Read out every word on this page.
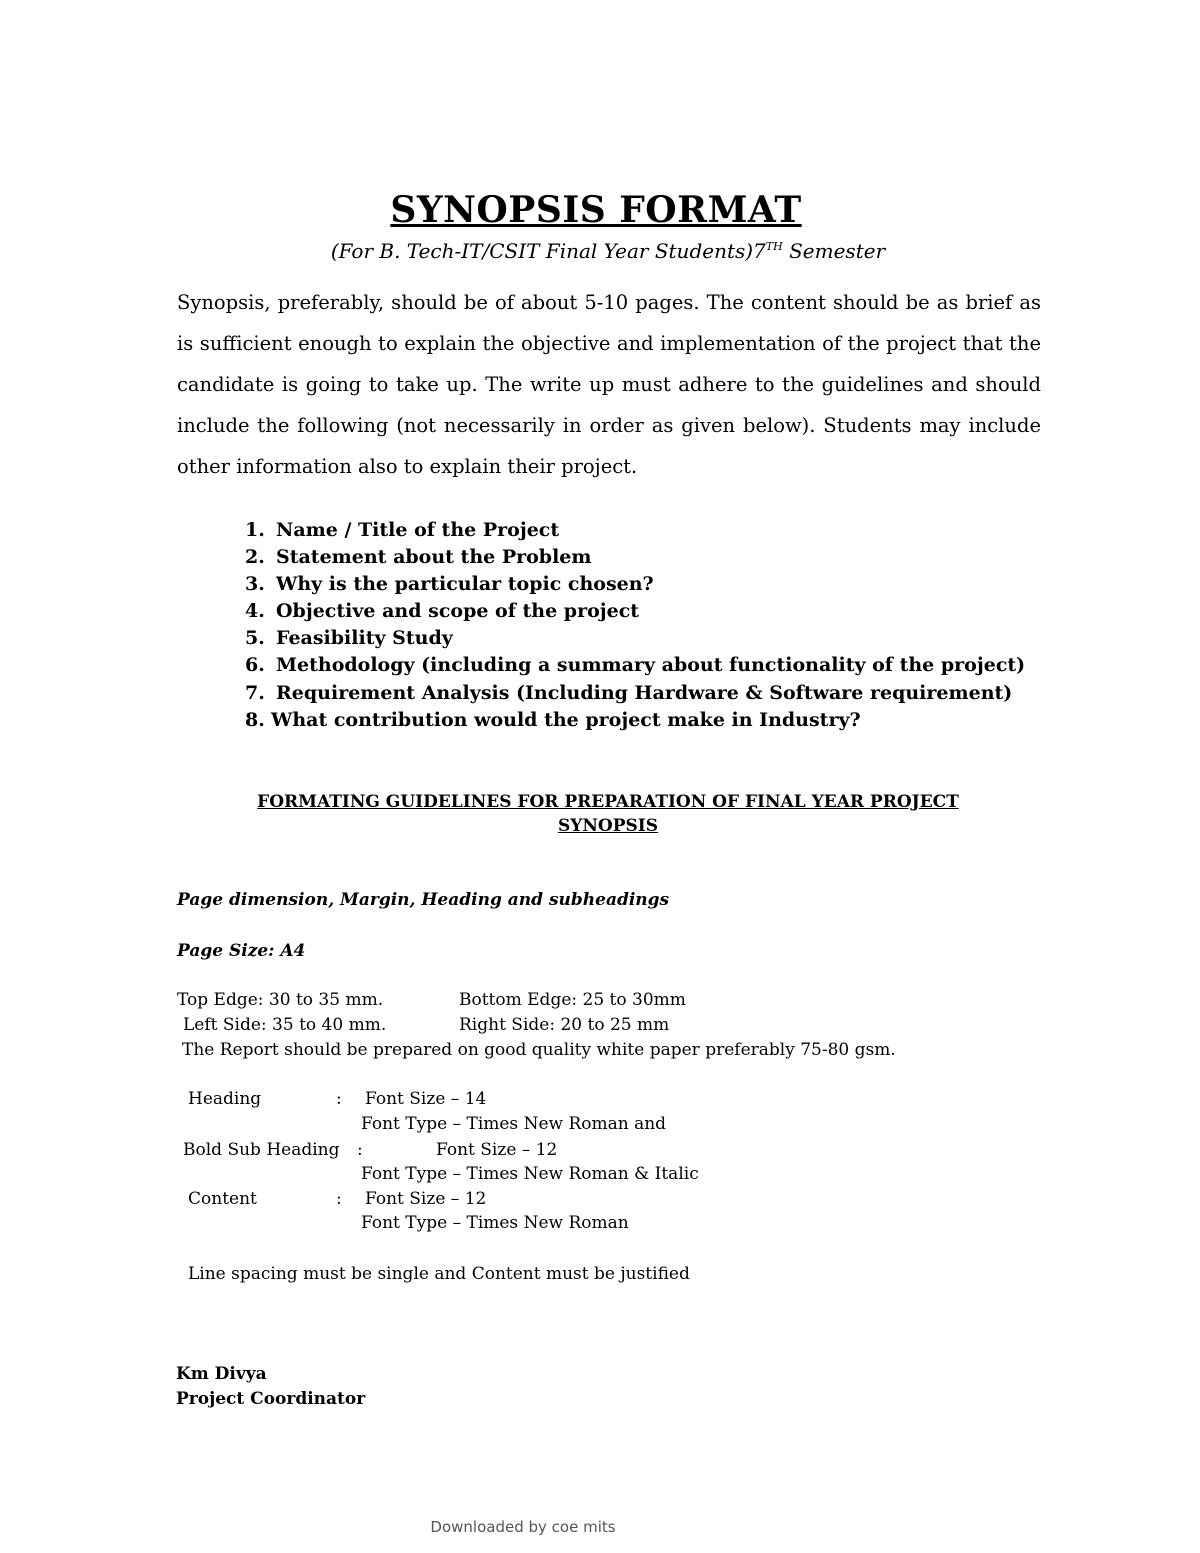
SYNOPSIS FORMAT
(For B. Tech-IT/CSIT Final Year Students)7TH Semester
Synopsis, preferably, should be of about 5-10 pages. The content should be as brief as is sufficient enough to explain the objective and implementation of the project that the candidate is going to take up. The write up must adhere to the guidelines and should include the following (not necessarily in order as given below). Students may include other information also to explain their project.
1. Name / Title of the Project
2. Statement about the Problem
3. Why is the particular topic chosen?
4. Objective and scope of the project
5. Feasibility Study
6. Methodology (including a summary about functionality of the project)
7. Requirement Analysis (Including Hardware & Software requirement)
8. What contribution would the project make in Industry?
FORMATING GUIDELINES FOR PREPARATION OF FINAL YEAR PROJECT
SYNOPSIS
Page dimension, Margin, Heading and subheadings
Page Size: A4
Top Edge: 30 to 35 mm.	Bottom Edge: 25 to 30mm
Left Side: 35 to 40 mm.	Right Side: 20 to 25 mm
The Report should be prepared on good quality white paper preferably 75-80 gsm.
Heading	: Font Size – 14
Font Type – Times New Roman and
Bold Sub Heading :	Font Size – 12
Font Type – Times New Roman & Italic
Content	: Font Size – 12
Font Type – Times New Roman
Line spacing must be single and Content must be justified
Km Divya
Project Coordinator
Downloaded by coe mits
